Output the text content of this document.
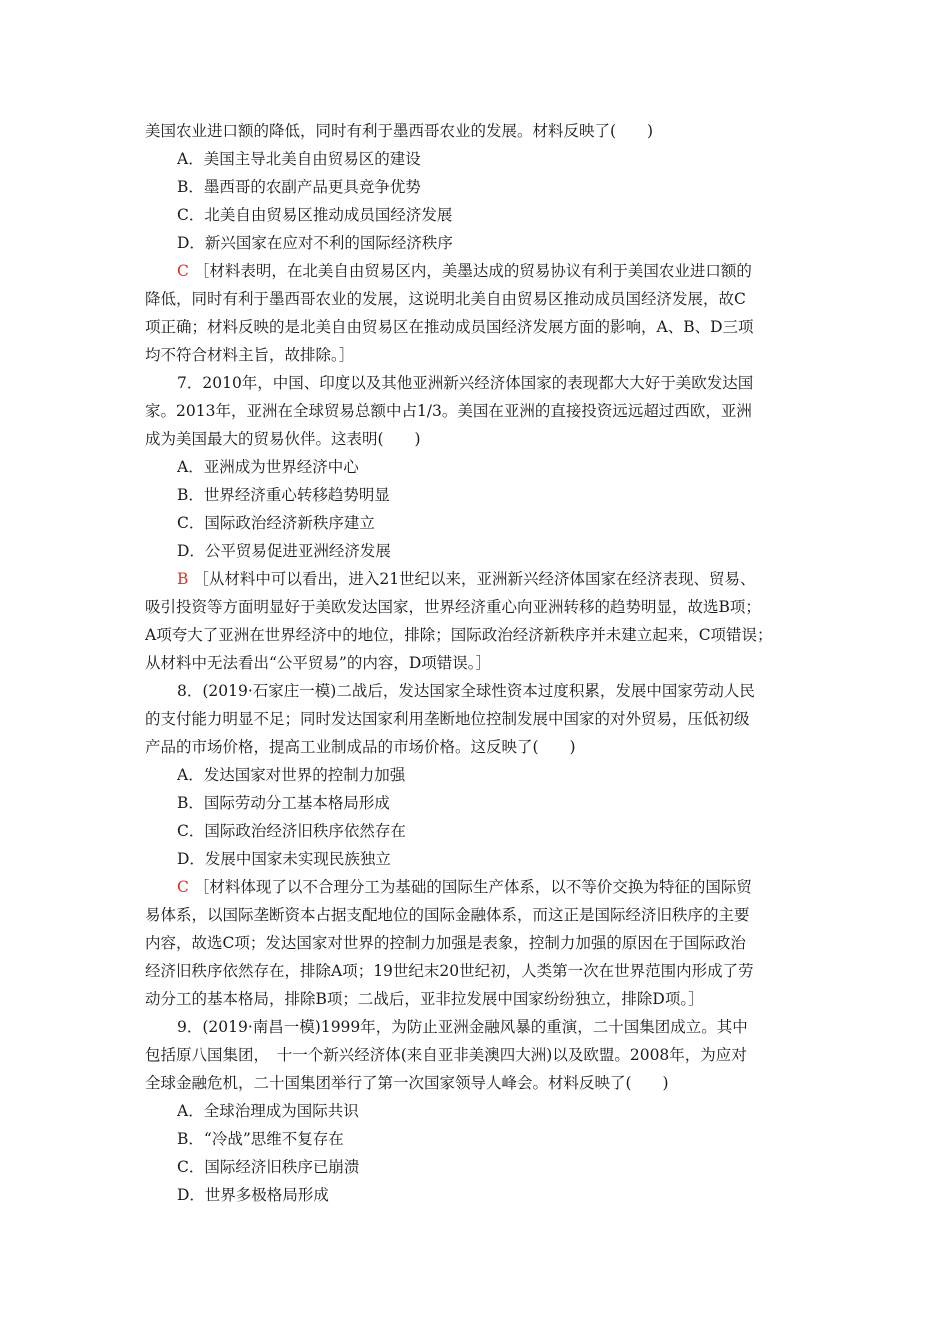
美国农业进口额的降低，同时有利于墨西哥农业的发展。材料反映了(　　)
A．美国主导北美自由贸易区的建设
B．墨西哥的农副产品更具竞争优势
C．北美自由贸易区推动成员国经济发展
D．新兴国家在应对不利的国际经济秩序
C ［材料表明，在北美自由贸易区内，美墨达成的贸易协议有利于美国农业进口额的
降低，同时有利于墨西哥农业的发展，这说明北美自由贸易区推动成员国经济发展，故C
项正确；材料反映的是北美自由贸易区在推动成员国经济发展方面的影响，A、B、D三项
均不符合材料主旨，故排除。］
7．2010年，中国、印度以及其他亚洲新兴经济体国家的表现都大大好于美欧发达国
家。2013年，亚洲在全球贸易总额中占1/3。美国在亚洲的直接投资远远超过西欧，亚洲
成为美国最大的贸易伙伴。这表明(　　)
A．亚洲成为世界经济中心
B．世界经济重心转移趋势明显
C．国际政治经济新秩序建立
D．公平贸易促进亚洲经济发展
B ［从材料中可以看出，进入21世纪以来，亚洲新兴经济体国家在经济表现、贸易、
吸引投资等方面明显好于美欧发达国家，世界经济重心向亚洲转移的趋势明显，故选B项；
A项夸大了亚洲在世界经济中的地位，排除；国际政治经济新秩序并未建立起来，C项错误；
从材料中无法看出“公平贸易”的内容，D项错误。］
8．(2019·石家庄一模)二战后，发达国家全球性资本过度积累，发展中国家劳动人民
的支付能力明显不足；同时发达国家利用垄断地位控制发展中国家的对外贸易，压低初级
产品的市场价格，提高工业制成品的市场价格。这反映了(　　)
A．发达国家对世界的控制力加强
B．国际劳动分工基本格局形成
C．国际政治经济旧秩序依然存在
D．发展中国家未实现民族独立
C ［材料体现了以不合理分工为基础的国际生产体系，以不等价交换为特征的国际贸
易体系，以国际垄断资本占据支配地位的国际金融体系，而这正是国际经济旧秩序的主要
内容，故选C项；发达国家对世界的控制力加强是表象，控制力加强的原因在于国际政治
经济旧秩序依然存在，排除A项；19世纪末20世纪初，人类第一次在世界范围内形成了劳
动分工的基本格局，排除B项；二战后，亚非拉发展中国家纷纷独立，排除D项。］
9．(2019·南昌一模)1999年，为防止亚洲金融风暴的重演，二十国集团成立。其中
包括原八国集团，　十一个新兴经济体(来自亚非美澳四大洲)以及欧盟。2008年，为应对
全球金融危机，二十国集团举行了第一次国家领导人峰会。材料反映了(　　)
A．全球治理成为国际共识
B．“冷战”思维不复存在
C．国际经济旧秩序已崩溃
D．世界多极格局形成
